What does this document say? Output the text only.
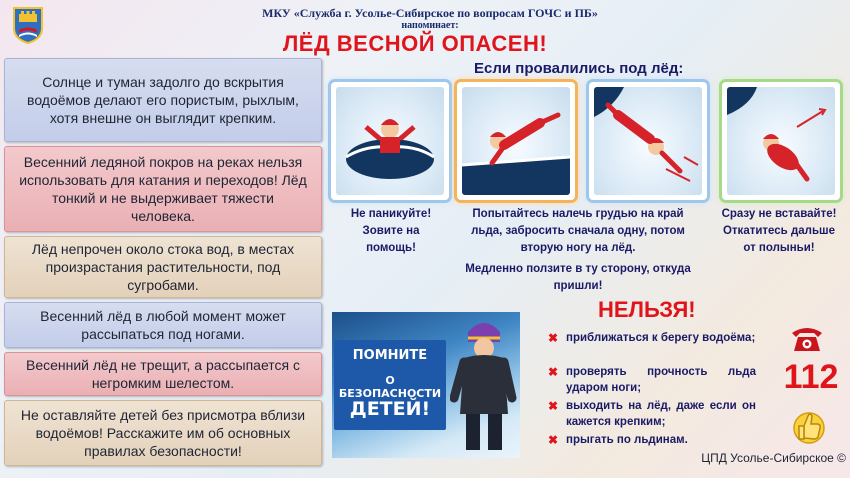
МКУ «Служба г. Усолье-Сибирское по вопросам ГОЧС и ПБ»
напоминает:
ЛЁД ВЕСНОЙ ОПАСЕН!
Солнце и туман задолго до вскрытия водоёмов делают его пористым, рыхлым, хотя внешне он выглядит крепким.
Весенний ледяной покров на реках нельзя использовать для катания и переходов! Лёд тонкий и не выдерживает тяжести человека.
Лёд непрочен около стока вод, в местах произрастания растительности, под сугробами.
Весенний лёд в любой момент может рассыпаться под ногами.
Весенний лёд не трещит, а рассыпается с негромким шелестом.
Не оставляйте детей без присмотра вблизи водоёмов! Расскажите им об основных правилах безопасности!
Если провалились под лёд:
Не паникуйте! Зовите на помощь!
Попытайтесь налечь грудью на край льда, забросить сначала одну, потом вторую ногу на лёд.
Медленно ползите в ту сторону, откуда пришли!
Сразу не вставайте! Откатитесь дальше от полыньи!
ПОМНИТЕ
О БЕЗОПАСНОСТИ
ДЕТЕЙ!
НЕЛЬЗЯ!
✖ приближаться к берегу водоёма;
✖ проверять прочность льда ударом ноги;
✖ выходить на лёд, даже если он кажется крепким;
✖ прыгать по льдинам.
112
ЦПД Усолье-Сибирское ©
